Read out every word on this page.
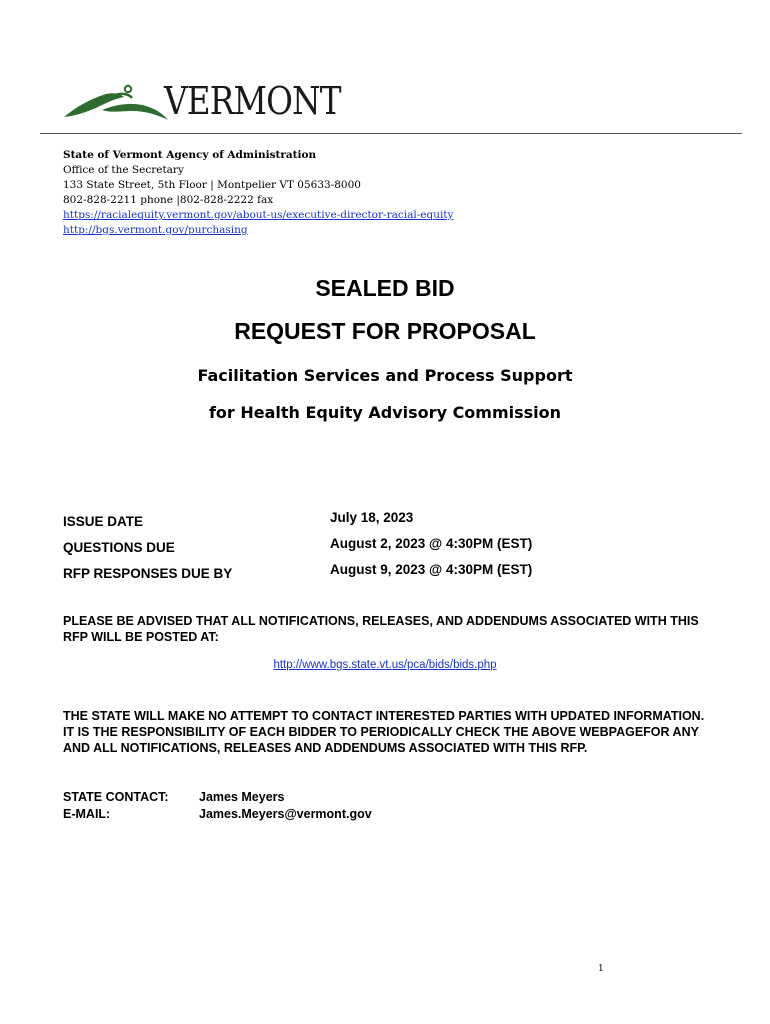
VERMONT
State of Vermont Agency of Administration
Office of the Secretary
133 State Street, 5th Floor | Montpelier VT 05633-8000
802-828-2211 phone |802-828-2222 fax
https://racialequity.vermont.gov/about-us/executive-director-racial-equity
http://bgs.vermont.gov/purchasing
SEALED BID
REQUEST FOR PROPOSAL
Facilitation Services and Process Support
for Health Equity Advisory Commission
ISSUE DATE	July 18, 2023
QUESTIONS DUE	August 2, 2023 @ 4:30PM (EST)
RFP RESPONSES DUE BY	August 9, 2023 @ 4:30PM (EST)
PLEASE BE ADVISED THAT ALL NOTIFICATIONS, RELEASES, AND ADDENDUMS ASSOCIATED WITH THIS RFP WILL BE POSTED AT:
http://www.bgs.state.vt.us/pca/bids/bids.php
THE STATE WILL MAKE NO ATTEMPT TO CONTACT INTERESTED PARTIES WITH UPDATED INFORMATION. IT IS THE RESPONSIBILITY OF EACH BIDDER TO PERIODICALLY CHECK THE ABOVE WEBPAGEFOR ANY AND ALL NOTIFICATIONS, RELEASES AND ADDENDUMS ASSOCIATED WITH THIS RFP.
STATE CONTACT: James Meyers
E-MAIL:	James.Meyers@vermont.gov
1
